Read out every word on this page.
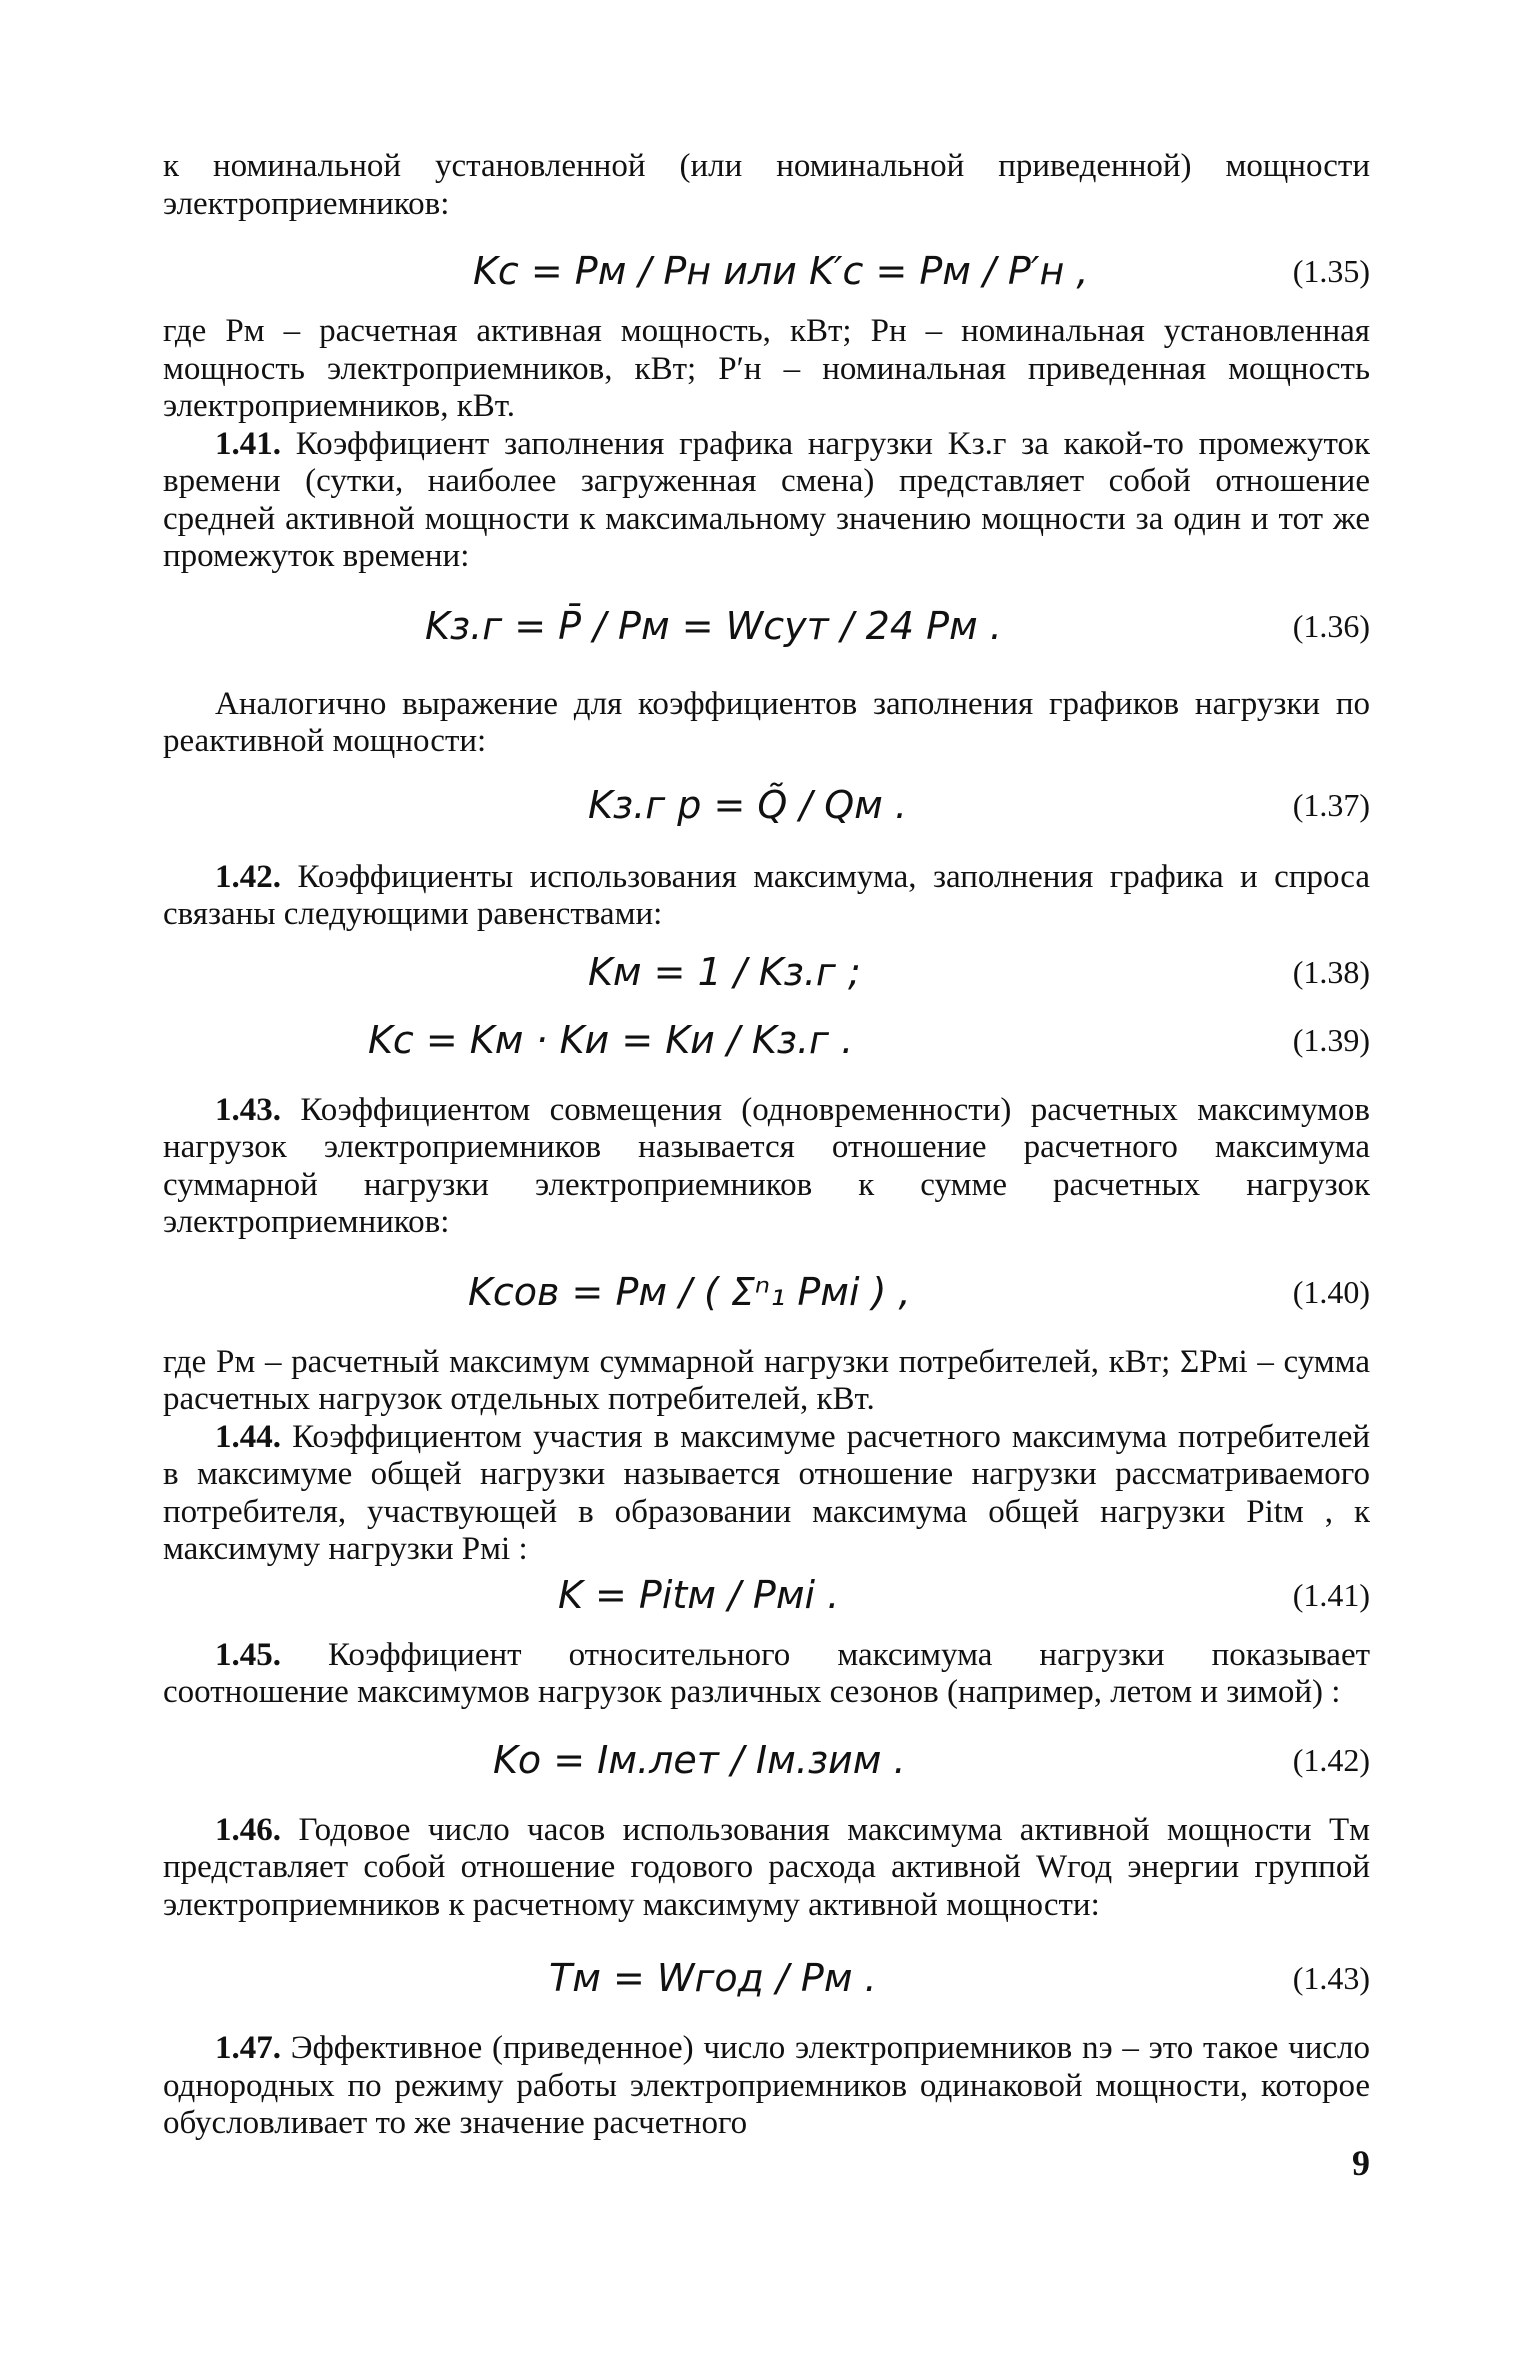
к номинальной установленной (или номинальной приведенной) мощности электроприемников:

Kс = Pм / Pн или K′с = Pм / P′н ,	(1.35)

где Pм – расчетная активная мощность, кВт; Pн – номинальная установленная мощность электроприемников, кВт; P′н – номинальная приведенная мощность электроприемников, кВт.

1.41. Коэффициент заполнения графика нагрузки Kз.г за какой-то промежуток времени (сутки, наиболее загруженная смена) представляет собой отношение средней активной мощности к максимальному значению мощности за один и тот же промежуток времени:

Kз.г = P̄ / Pм = Wсут / 24 Pм .	(1.36)

Аналогично выражение для коэффициентов заполнения графиков нагрузки по реактивной мощности:

Kз.г р = Q̃ / Qм .	(1.37)

1.42. Коэффициенты использования максимума, заполнения графика и спроса связаны следующими равенствами:

Kм = 1 / Kз.г ;	(1.38)
Kс = Kм · Kи = Kи / Kз.г .	(1.39)

1.43. Коэффициентом совмещения (одновременности) расчетных максимумов нагрузок электроприемников называется отношение расчетного максимума суммарной нагрузки электроприемников к сумме расчетных нагрузок электроприемников:

Kсов = Pм / ( Σⁿ₁ Pмi ) ,	(1.40)

где Pм – расчетный максимум суммарной нагрузки потребителей, кВт; ΣPмi – сумма расчетных нагрузок отдельных потребителей, кВт.

1.44. Коэффициентом участия в максимуме расчетного максимума потребителей в максимуме общей нагрузки называется отношение нагрузки рассматриваемого потребителя, участвующей в образовании максимума общей нагрузки Pitм , к максимуму нагрузки Pмi :

K = Pitм / Pмi .	(1.41)

1.45. Коэффициент относительного максимума нагрузки показывает соотношение максимумов нагрузок различных сезонов (например, летом и зимой) :

Kо = Iм.лет / Iм.зим .	(1.42)

1.46. Годовое число часов использования максимума активной мощности Tм представляет собой отношение годового расхода активной Wгод энергии группой электроприемников к расчетному максимуму активной мощности:

Tм = Wгод / Pм .	(1.43)

1.47. Эффективное (приведенное) число электроприемников nэ – это такое число однородных по режиму работы электроприемников одинаковой мощности, которое обусловливает то же значение расчетного

9
